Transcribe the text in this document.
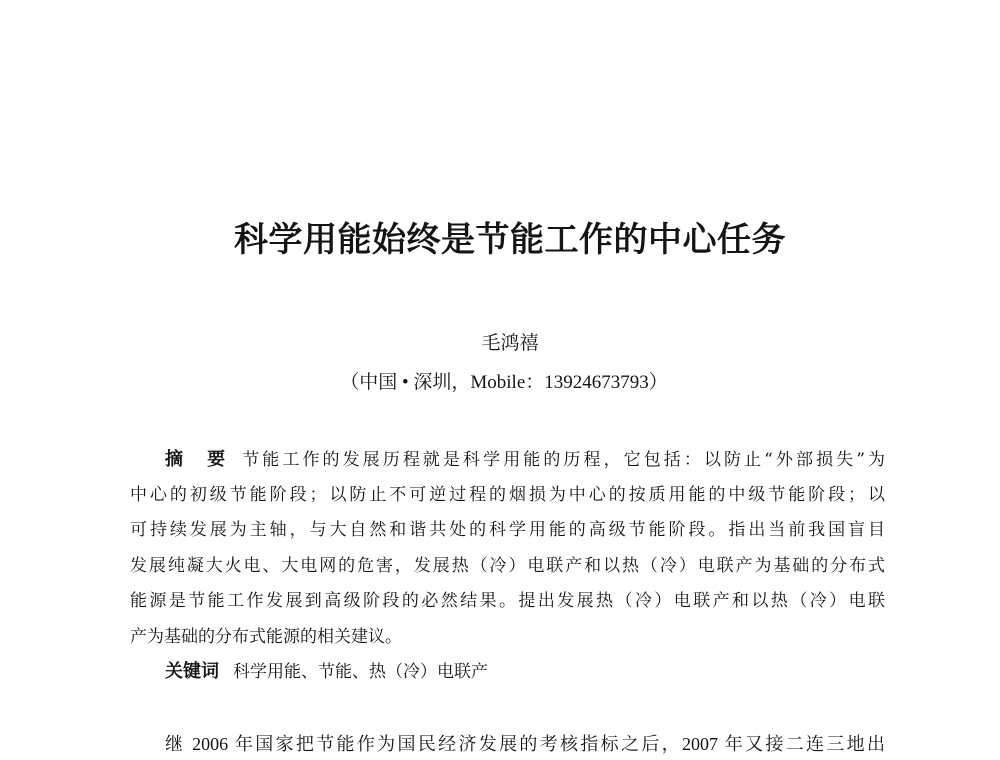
科学用能始终是节能工作的中心任务
毛鸿禧
（中国 • 深圳，Mobile：13924673793）
摘　要 节能工作的发展历程就是科学用能的历程，它包括：以防止“外部损失”为
中心的初级节能阶段；以防止不可逆过程的烟损为中心的按质用能的中级节能阶段；以
可持续发展为主轴，与大自然和谐共处的科学用能的高级节能阶段。指出当前我国盲目
发展纯凝大火电、大电网的危害，发展热（冷）电联产和以热（冷）电联产为基础的分布式
能源是节能工作发展到高级阶段的必然结果。提出发展热（冷）电联产和以热（冷）电联
产为基础的分布式能源的相关建议。
关键词 科学用能、节能、热（冷）电联产
继 2006 年国家把节能作为国民经济发展的考核指标之后，2007 年又接二连三地出
